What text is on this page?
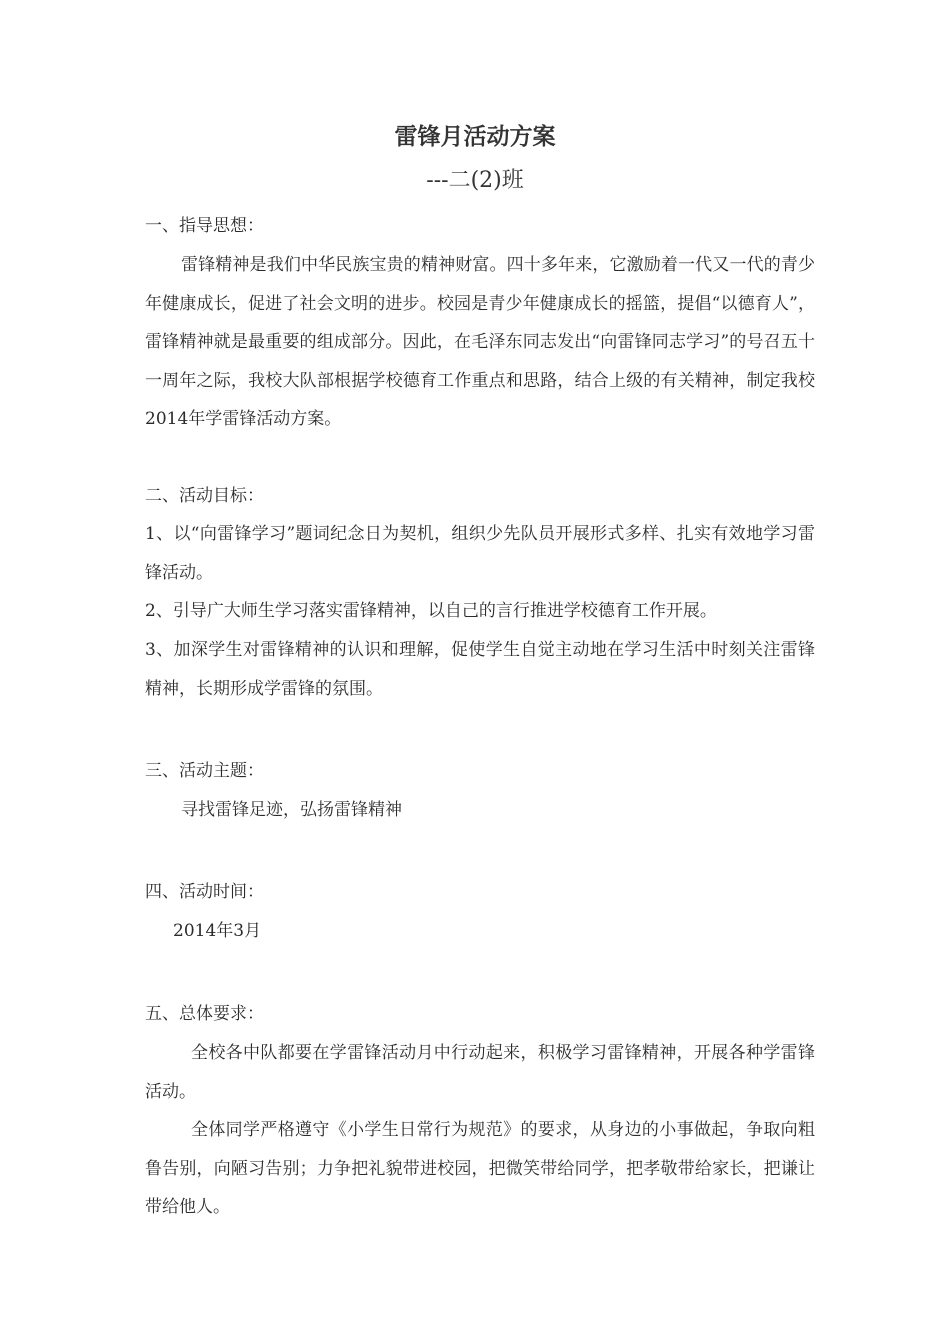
雷锋月活动方案
---二(2)班

一、指导思想：

雷锋精神是我们中华民族宝贵的精神财富。四十多年来，它激励着一代又一代的青少年健康成长，促进了社会文明的进步。校园是青少年健康成长的摇篮，提倡“以德育人”，雷锋精神就是最重要的组成部分。因此，在毛泽东同志发出“向雷锋同志学习”的号召五十一周年之际，我校大队部根据学校德育工作重点和思路，结合上级的有关精神，制定我校2014年学雷锋活动方案。

二、活动目标：

1、以“向雷锋学习”题词纪念日为契机，组织少先队员开展形式多样、扎实有效地学习雷锋活动。

2、引导广大师生学习落实雷锋精神，以自己的言行推进学校德育工作开展。

3、加深学生对雷锋精神的认识和理解，促使学生自觉主动地在学习生活中时刻关注雷锋精神，长期形成学雷锋的氛围。

三、活动主题：

寻找雷锋足迹，弘扬雷锋精神

四、活动时间：

2014年3月

五、总体要求：

全校各中队都要在学雷锋活动月中行动起来，积极学习雷锋精神，开展各种学雷锋活动。

全体同学严格遵守《小学生日常行为规范》的要求，从身边的小事做起，争取向粗鲁告别，向陋习告别；力争把礼貌带进校园，把微笑带给同学，把孝敬带给家长，把谦让带给他人。
